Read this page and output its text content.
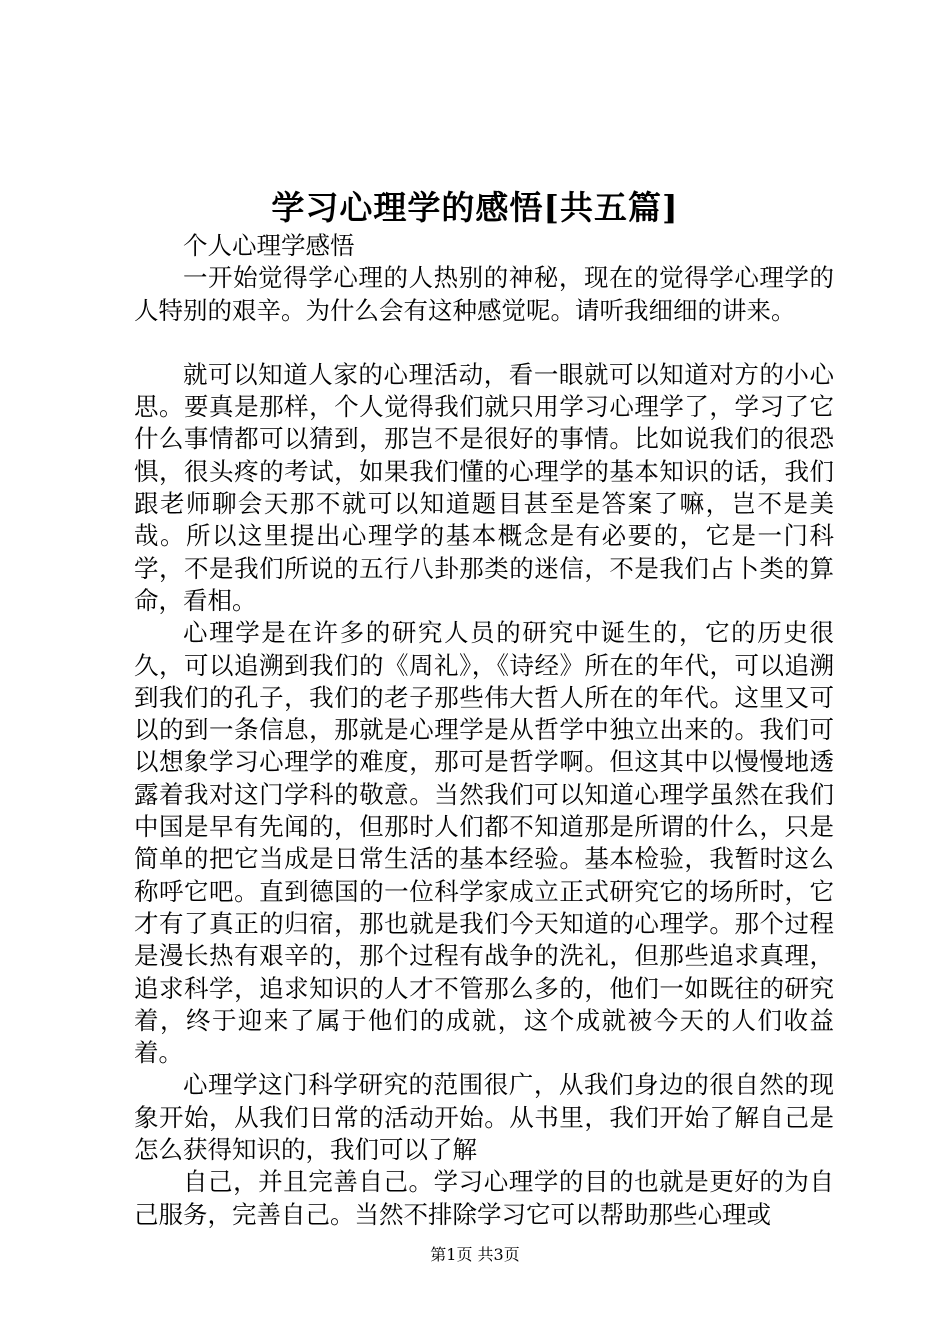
学习心理学的感悟[共五篇]

个人心理学感悟

一开始觉得学心理的人热别的神秘，现在的觉得学心理学的人特别的艰辛。为什么会有这种感觉呢。请听我细细的讲来。

就可以知道人家的心理活动，看一眼就可以知道对方的小心思。要真是那样，个人觉得我们就只用学习心理学了，学习了它什么事情都可以猜到，那岂不是很好的事情。比如说我们的很恐惧，很头疼的考试，如果我们懂的心理学的基本知识的话，我们跟老师聊会天那不就可以知道题目甚至是答案了嘛，岂不是美哉。所以这里提出心理学的基本概念是有必要的，它是一门科学，不是我们所说的五行八卦那类的迷信，不是我们占卜类的算命，看相。

心理学是在许多的研究人员的研究中诞生的，它的历史很久，可以追溯到我们的《周礼》，《诗经》所在的年代，可以追溯到我们的孔子，我们的老子那些伟大哲人所在的年代。这里又可以的到一条信息，那就是心理学是从哲学中独立出来的。我们可以想象学习心理学的难度，那可是哲学啊。但这其中以慢慢地透露着我对这门学科的敬意。当然我们可以知道心理学虽然在我们中国是早有先闻的，但那时人们都不知道那是所谓的什么，只是简单的把它当成是日常生活的基本经验。基本检验，我暂时这么称呼它吧。直到德国的一位科学家成立正式研究它的场所时，它才有了真正的归宿，那也就是我们今天知道的心理学。那个过程是漫长热有艰辛的，那个过程有战争的洗礼，但那些追求真理，追求科学，追求知识的人才不管那么多的，他们一如既往的研究着，终于迎来了属于他们的成就，这个成就被今天的人们收益着。

心理学这门科学研究的范围很广，从我们身边的很自然的现象开始，从我们日常的活动开始。从书里，我们开始了解自己是怎么获得知识的，我们可以了解

自己，并且完善自己。学习心理学的目的也就是更好的为自己服务，完善自己。当然不排除学习它可以帮助那些心理或

第1页 共3页
